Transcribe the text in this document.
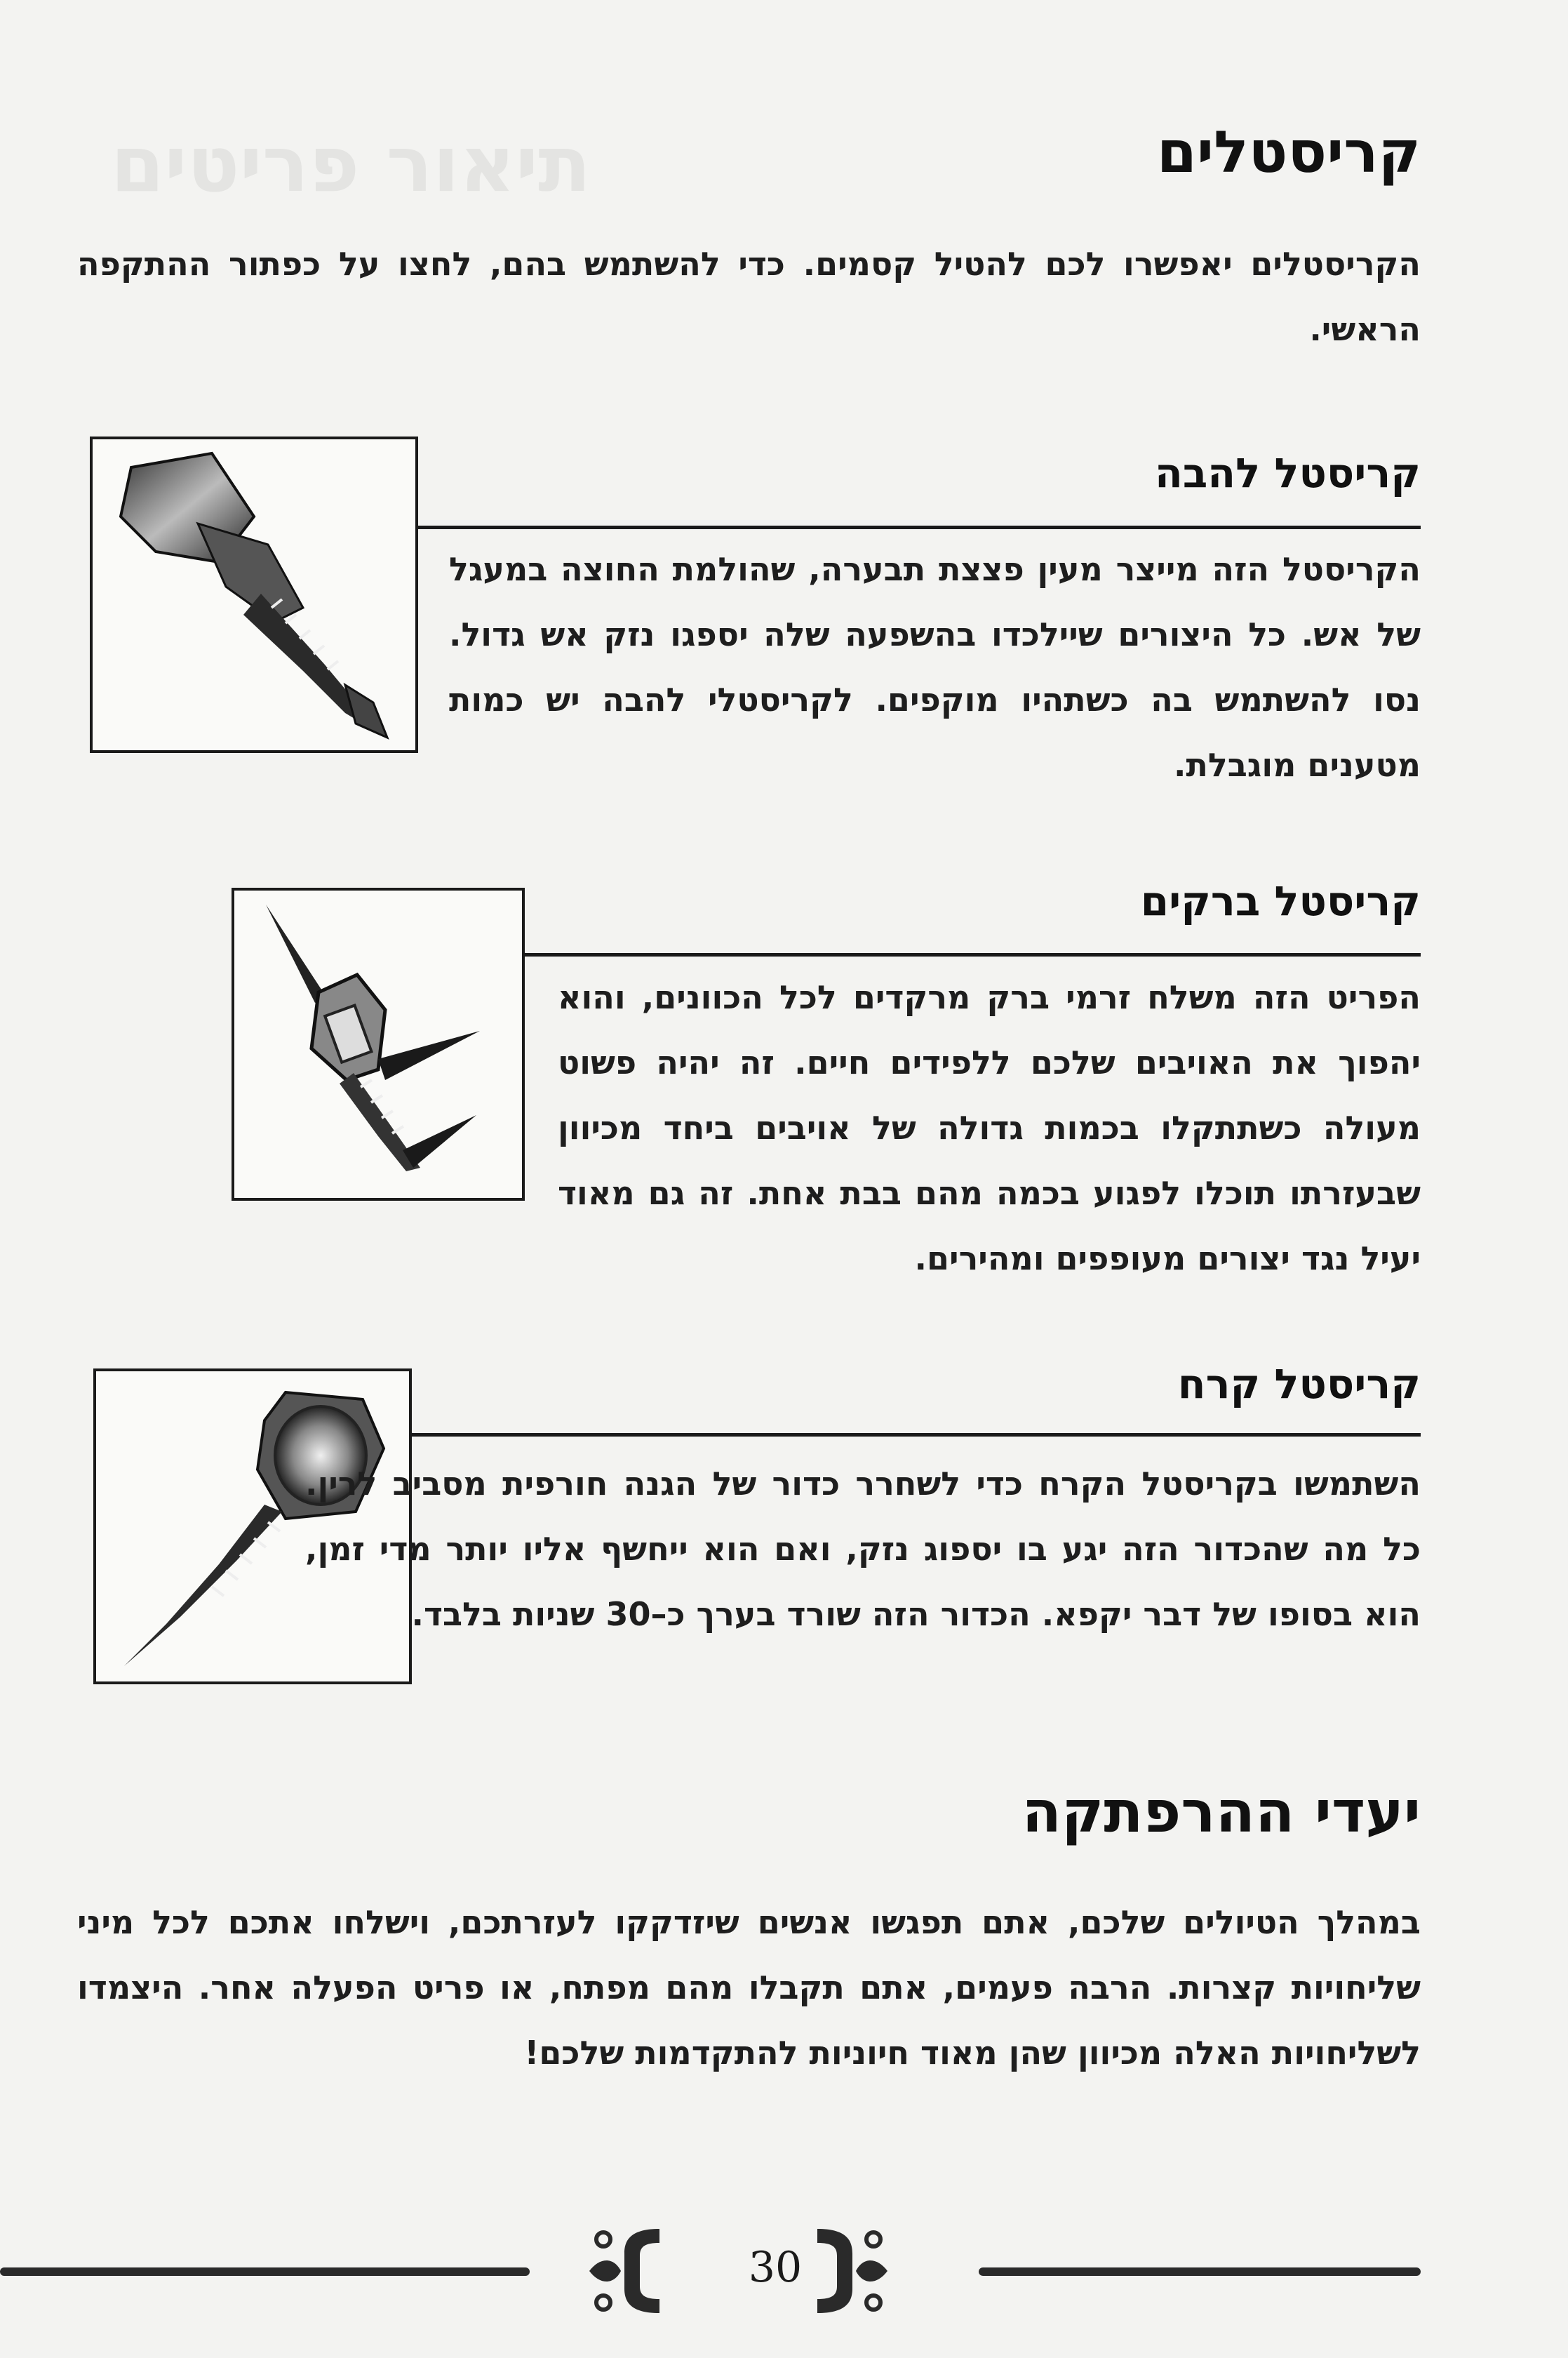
תיאור פריטים	קריסטלים
הקריסטלים יאפשרו לכם להטיל קסמים. כדי להשתמש בהם, לחצו על כפתור ההתקפה הראשי.
קריסטל להבה
הקריסטל הזה מייצר מעין פצצת תבערה, שהולמת החוצה במעגל של אש. כל היצורים שיילכדו בהשפעה שלה יספגו נזק אש גדול. נסו להשתמש בה כשתהיו מוקפים. לקריסטלי להבה יש כמות מטענים מוגבלת.
קריסטל ברקים
הפריט הזה משלח זרמי ברק מרקדים לכל הכוונים, והוא יהפוך את האויבים שלכם ללפידים חיים. זה יהיה פשוט מעולה כשתתקלו בכמות גדולה של אויבים ביחד מכיוון שבעזרתו תוכלו לפגוע בכמה מהם בבת אחת. זה גם מאוד יעיל נגד יצורים מעופפים ומהירים.
קריסטל קרח
השתמשו בקריסטל הקרח כדי לשחרר כדור של הגנה חורפית מסביב לרין. כל מה שהכדור הזה יגע בו יספוג נזק, ואם הוא ייחשף אליו יותר מדי זמן, הוא בסופו של דבר יקפא. הכדור הזה שורד בערך כ–30 שניות בלבד.
יעדי ההרפתקה
במהלך הטיולים שלכם, אתם תפגשו אנשים שיזדקקו לעזרתכם, וישלחו אתכם לכל מיני שליחויות קצרות. הרבה פעמים, אתם תקבלו מהם מפתח, או פריט הפעלה אחר. היצמדו לשליחויות האלה מכיוון שהן מאוד חיוניות להתקדמות שלכם!
30
